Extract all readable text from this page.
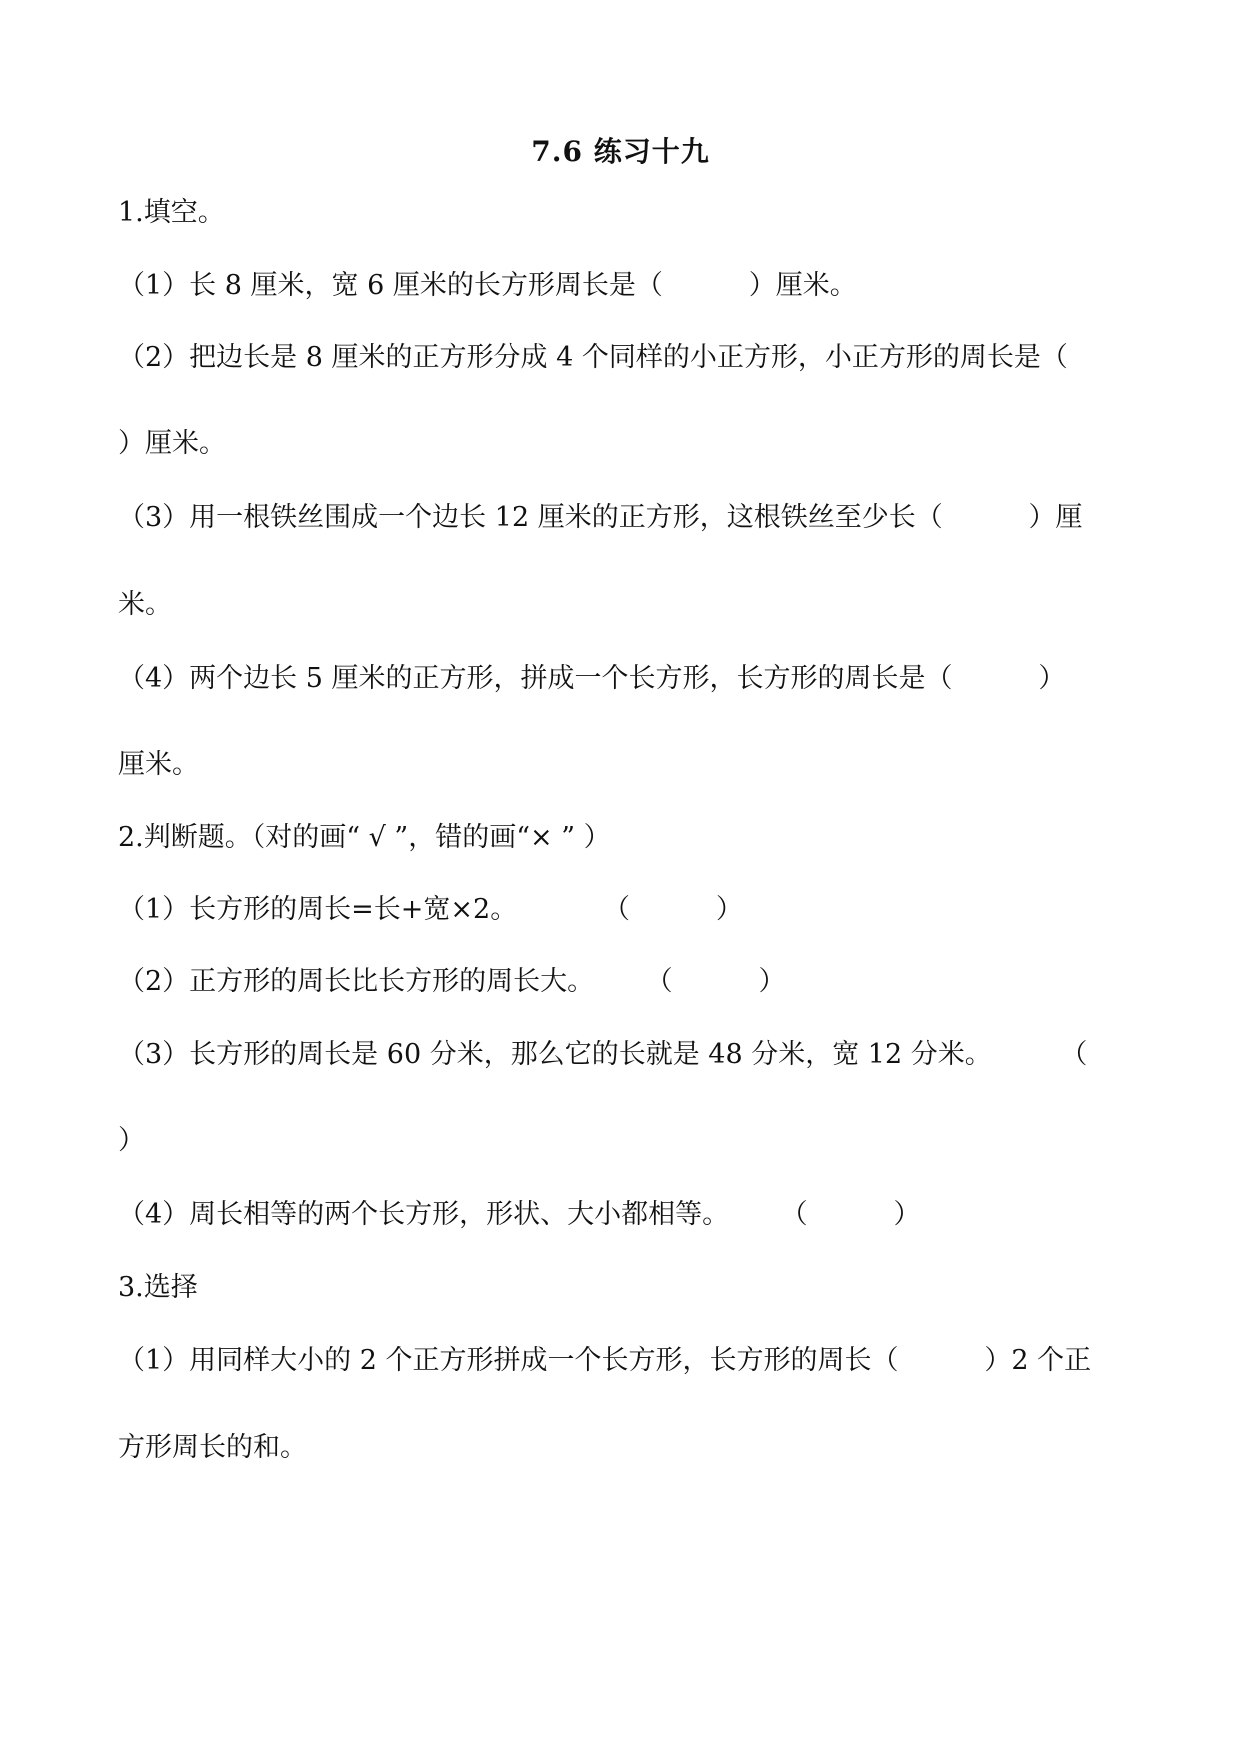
7.6 练习十九

1.填空。

（1）长 8 厘米，宽 6 厘米的长方形周长是（          ）厘米。

（2）把边长是 8 厘米的正方形分成 4 个同样的小正方形，小正方形的周长是（

）厘米。

（3）用一根铁丝围成一个边长 12 厘米的正方形，这根铁丝至少长（          ）厘

米。

（4）两个边长 5 厘米的正方形，拼成一个长方形，长方形的周长是（          ）

厘米。

2.判断题。（对的画“ √ ”，错的画“× ” ）

（1）长方形的周长=长+宽×2。          （          ）

（2）正方形的周长比长方形的周长大。      （          ）

（3）长方形的周长是 60 分米，那么它的长就是 48 分米，宽 12 分米。        （

）

（4）周长相等的两个长方形，形状、大小都相等。      （          ）

3.选择

（1）用同样大小的 2 个正方形拼成一个长方形，长方形的周长（          ）2 个正

方形周长的和。
